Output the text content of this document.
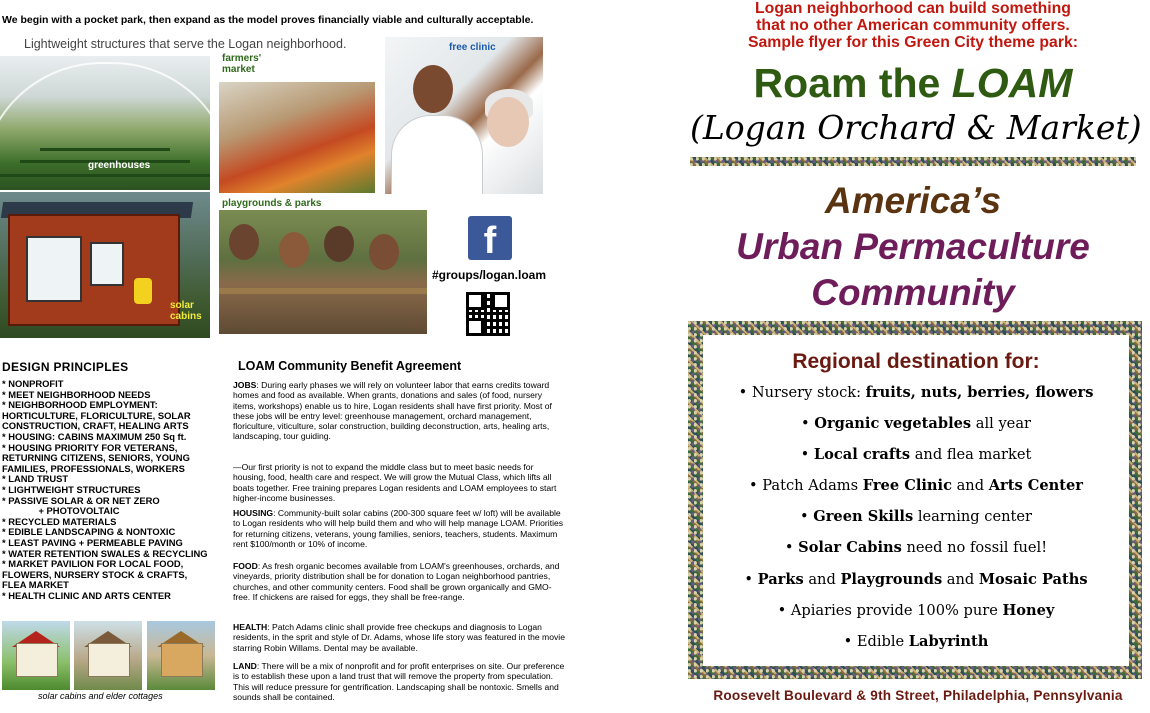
We begin with a pocket park, then expand as the model proves financially viable and culturally acceptable.
Lightweight structures that serve the Logan neighborhood.
greenhouses
farmers'
market
free clinic
solar
cabins
playgrounds & parks
f
#groups/logan.loam
DESIGN PRINCIPLES
* NONPROFIT
* MEET NEIGHBORHOOD NEEDS
* NEIGHBORHOOD EMPLOYMENT:
HORTICULTURE, FLORICULTURE, SOLAR
CONSTRUCTION, CRAFT, HEALING ARTS
* HOUSING: CABINS MAXIMUM 250 Sq ft.
* HOUSING PRIORITY FOR VETERANS,
RETURNING CITIZENS, SENIORS, YOUNG
FAMILIES, PROFESSIONALS, WORKERS
* LAND TRUST
* LIGHTWEIGHT STRUCTURES
* PASSIVE SOLAR & OR NET ZERO
+ PHOTOVOLTAIC
* RECYCLED MATERIALS
* EDIBLE LANDSCAPING & NONTOXIC
* LEAST PAVING + PERMEABLE PAVING
* WATER RETENTION SWALES & RECYCLING
* MARKET PAVILION FOR LOCAL FOOD,
FLOWERS, NURSERY STOCK & CRAFTS,
FLEA MARKET
* HEALTH CLINIC AND ARTS CENTER
solar cabins and elder cottages
LOAM Community Benefit Agreement

JOBS: During early phases we will rely on volunteer labor that earns credits toward homes and food as available. When grants, donations and sales (of food, nursery items, workshops) enable us to hire, Logan residents shall have first priority. Most of these jobs will be entry level: greenhouse management, orchard management, floriculture, viticulture, solar construction, building deconstruction, arts, healing arts, landscaping, tour guiding.

—Our first priority is not to expand the middle class but to meet basic needs for housing, food, health care and respect. We will grow the Mutual Class, which lifts all boats together. Free training prepares Logan residents and LOAM employees to start higher-income businesses.

HOUSING: Community-built solar cabins (200-300 square feet w/ loft) will be available to Logan residents who will help build them and who will help manage LOAM. Priorities for returning citizens, veterans, young families, seniors, teachers, students. Maximum rent $100/month or 10% of income.

FOOD: As fresh organic becomes available from LOAM's greenhouses, orchards, and vineyards, priority distribution shall be for donation to Logan neighborhood pantries, churches, and other community centers. Food shall be grown organically and GMO-free. If chickens are raised for eggs, they shall be free-range.

HEALTH: Patch Adams clinic shall provide free checkups and diagnosis to Logan residents, in the sprit and style of Dr. Adams, whose life story was featured in the movie starring Robin Willams. Dental may be available.

LAND: There will be a mix of nonprofit and for profit enterprises on site. Our preference is to establish these upon a land trust that will remove the property from speculation. This will reduce pressure for gentrification. Landscaping shall be nontoxic. Smells and sounds shall be contained.

Logan neighborhood can build something
that no other American community offers.
Sample flyer for this Green City theme park:
Roam the LOAM
(Logan Orchard & Market)
America’s
Urban Permaculture
Community
Regional destination for:
• Nursery stock: fruits, nuts, berries, flowers
• Organic vegetables all year
• Local crafts and flea market
• Patch Adams Free Clinic and Arts Center
• Green Skills learning center
• Solar Cabins need no fossil fuel!
• Parks and Playgrounds and Mosaic Paths
• Apiaries provide 100% pure Honey
• Edible Labyrinth
Roosevelt Boulevard & 9th Street, Philadelphia, Pennsylvania
